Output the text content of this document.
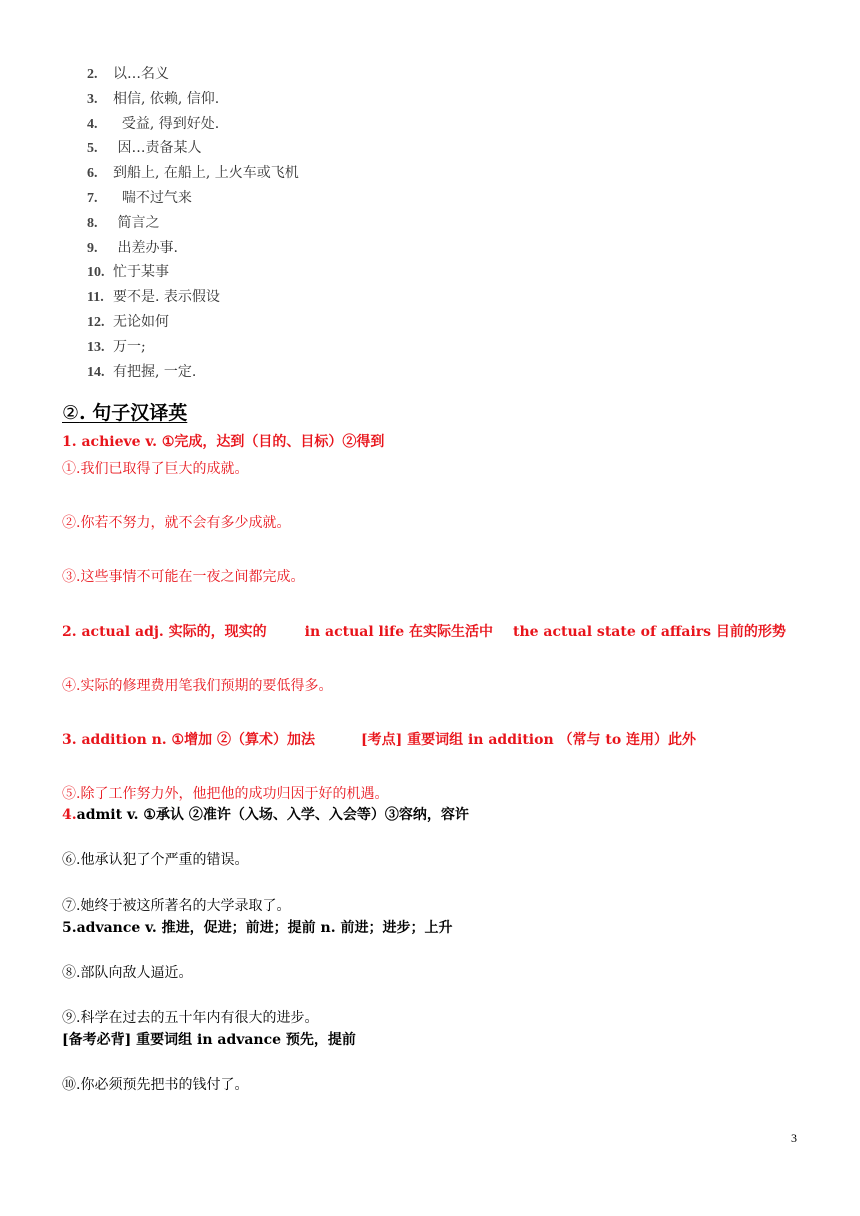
2. 以…名义
3. 相信, 依赖, 信仰.
4.  受益, 得到好处.
5. 因…责备某人
6. 到船上, 在船上, 上火车或飞机
7.  喘不过气来
8. 简言之
9. 出差办事.
10. 忙于某事
11. 要不是. 表示假设
12. 无论如何
13. 万一;
14. 有把握, 一定.
②. 句子汉译英
1. achieve v. ①完成，达到（目的、目标）②得到
①.我们已取得了巨大的成就。
②.你若不努力，就不会有多少成就。
③.这些事情不可能在一夜之间都完成。
2. actual adj. 实际的，现实的	in actual life 在实际生活中 the actual state of affairs 目前的形势
④.实际的修理费用笔我们预期的要低得多。
3. addition n. ①增加 ②（算术）加法	[考点] 重要词组 in addition （常与 to 连用）此外
⑤.除了工作努力外，他把他的成功归因于好的机遇。
4.admit v. ①承认 ②准许（入场、入学、入会等）③容纳，容许
⑥.他承认犯了个严重的错误。
⑦.她终于被这所著名的大学录取了。
5.advance v. 推进，促进；前进；提前 n. 前进；进步；上升
⑧.部队向敌人逼近。
⑨.科学在过去的五十年内有很大的进步。
[备考必背] 重要词组 in advance 预先，提前
⑩.你必须预先把书的钱付了。
3
